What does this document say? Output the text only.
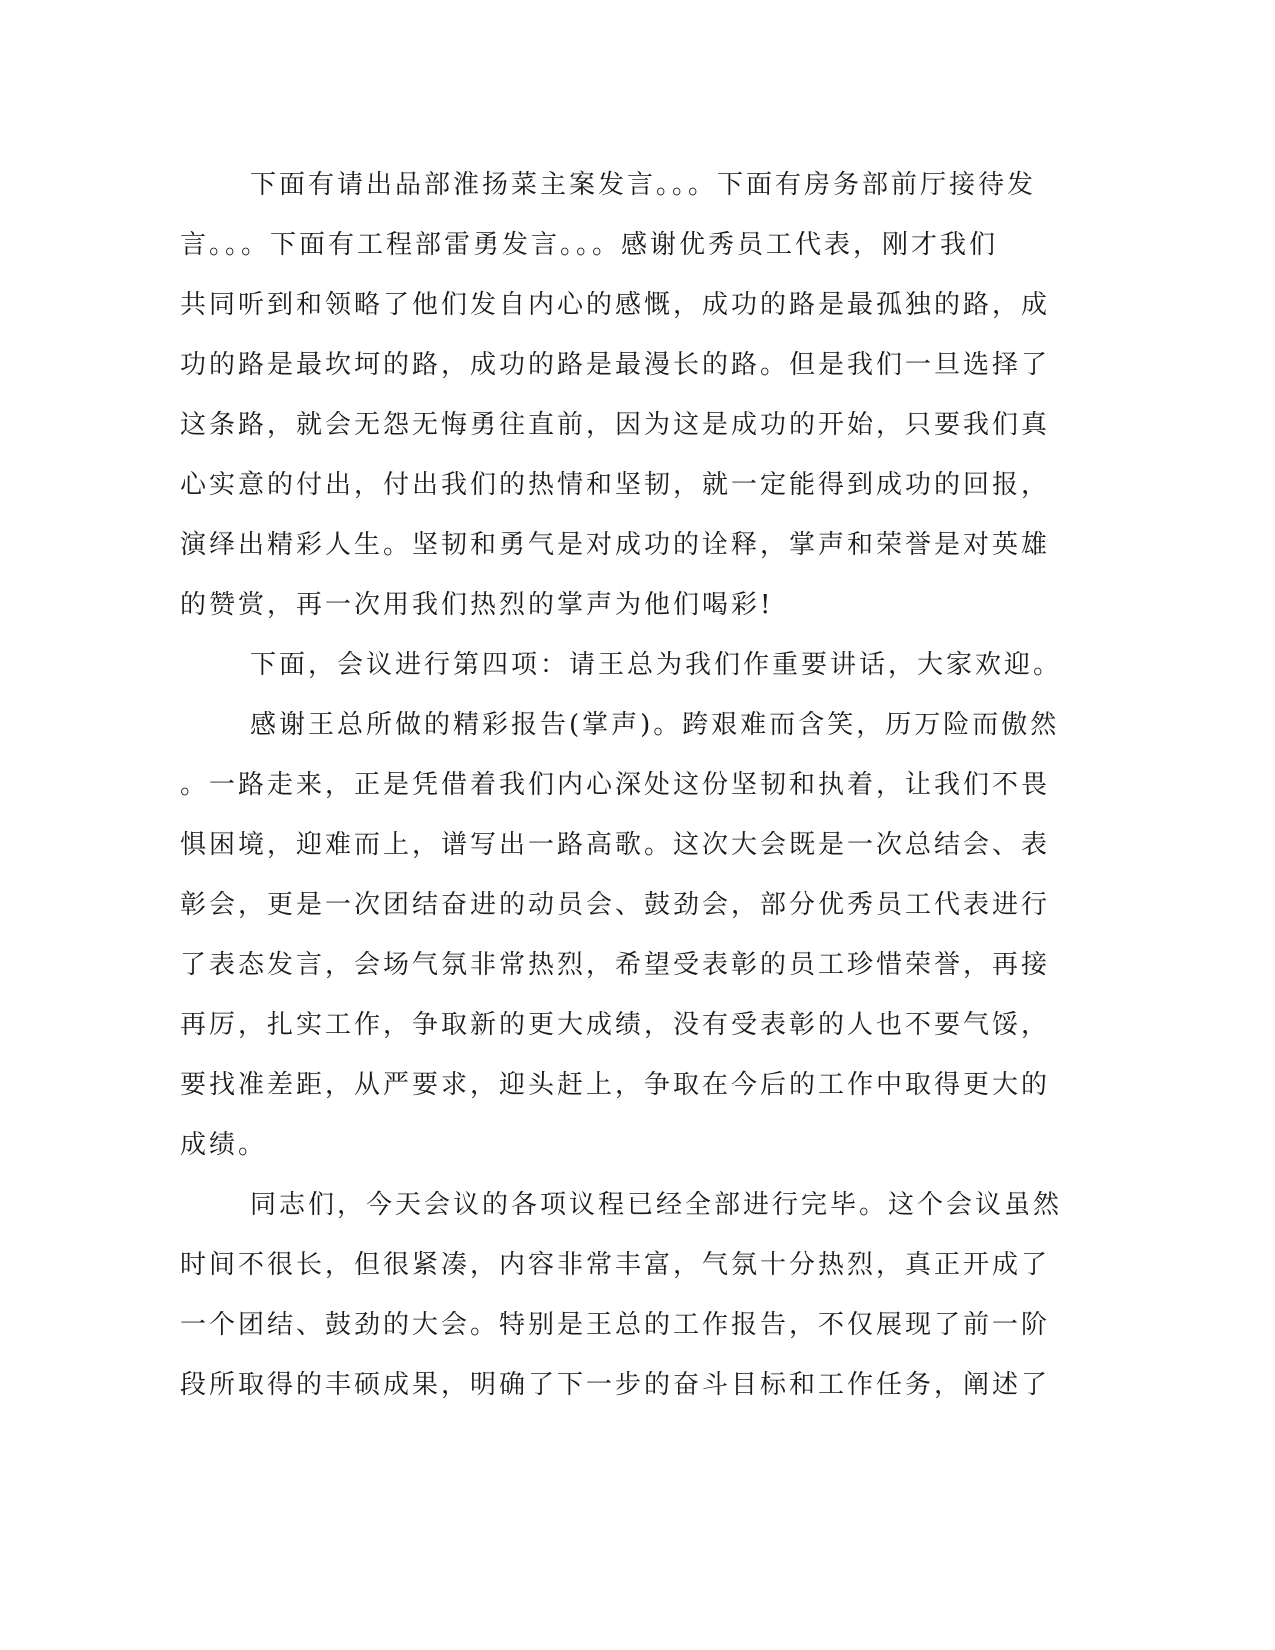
下面有请出品部淮扬菜主案发言。。。下面有房务部前厅接待发
言。。。下面有工程部雷勇发言。。。感谢优秀员工代表，刚才我们
共同听到和领略了他们发自内心的感慨，成功的路是最孤独的路，成
功的路是最坎坷的路，成功的路是最漫长的路。但是我们一旦选择了
这条路，就会无怨无悔勇往直前，因为这是成功的开始，只要我们真
心实意的付出，付出我们的热情和坚韧，就一定能得到成功的回报，
演绎出精彩人生。坚韧和勇气是对成功的诠释，掌声和荣誉是对英雄
的赞赏，再一次用我们热烈的掌声为他们喝彩!
下面，会议进行第四项：请王总为我们作重要讲话，大家欢迎。
感谢王总所做的精彩报告(掌声)。跨艰难而含笑，历万险而傲然
。一路走来，正是凭借着我们内心深处这份坚韧和执着，让我们不畏
惧困境，迎难而上，谱写出一路高歌。这次大会既是一次总结会、表
彰会，更是一次团结奋进的动员会、鼓劲会，部分优秀员工代表进行
了表态发言，会场气氛非常热烈，希望受表彰的员工珍惜荣誉，再接
再厉，扎实工作，争取新的更大成绩，没有受表彰的人也不要气馁，
要找准差距，从严要求，迎头赶上，争取在今后的工作中取得更大的
成绩。
同志们，今天会议的各项议程已经全部进行完毕。这个会议虽然
时间不很长，但很紧凑，内容非常丰富，气氛十分热烈，真正开成了
一个团结、鼓劲的大会。特别是王总的工作报告，不仅展现了前一阶
段所取得的丰硕成果，明确了下一步的奋斗目标和工作任务，阐述了
